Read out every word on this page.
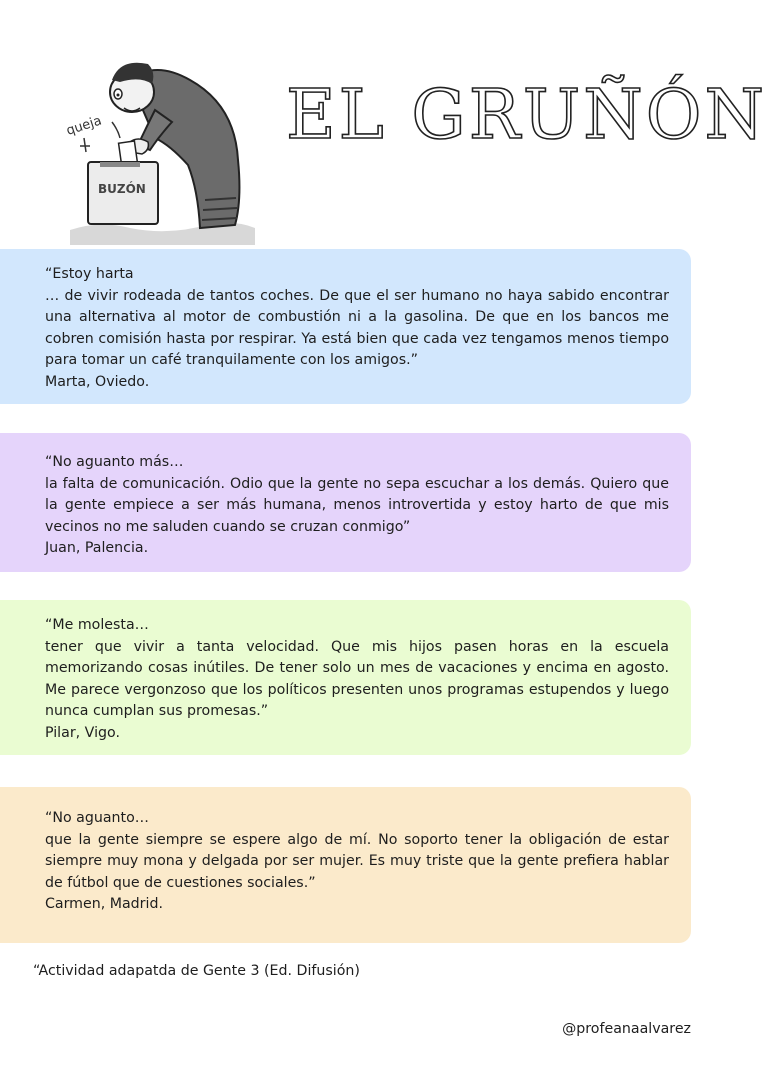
queja
BUZÓN
EL GRUÑÓN

“Estoy harta
… de vivir rodeada de tantos coches. De que el ser humano no haya sabido encontrar una alternativa al motor de combustión ni a la gasolina. De que en los bancos me cobren comisión hasta por respirar. Ya está bien que cada vez tengamos menos tiempo para tomar un café tranquilamente con los amigos.”
Marta, Oviedo.

“No aguanto más…
la falta de comunicación. Odio que la gente no sepa escuchar a los demás. Quiero que la gente empiece a ser más humana, menos introvertida y estoy harto de que mis vecinos no me saluden cuando se cruzan conmigo”
Juan, Palencia.

“Me molesta…
tener que vivir a tanta velocidad. Que mis hijos pasen horas en la escuela memorizando cosas inútiles. De tener solo un mes de vacaciones y encima en agosto. Me parece vergonzoso que los políticos presenten unos programas estupendos y luego nunca cumplan sus promesas.”
Pilar, Vigo.

“No aguanto…
que la gente siempre se espere algo de mí. No soporto tener la obligación de estar siempre muy mona y delgada por ser mujer. Es muy triste que la gente prefiera hablar de fútbol que de cuestiones sociales.”
Carmen, Madrid.

“Actividad adapatda de Gente 3 (Ed. Difusión)
@profeanaalvarez
